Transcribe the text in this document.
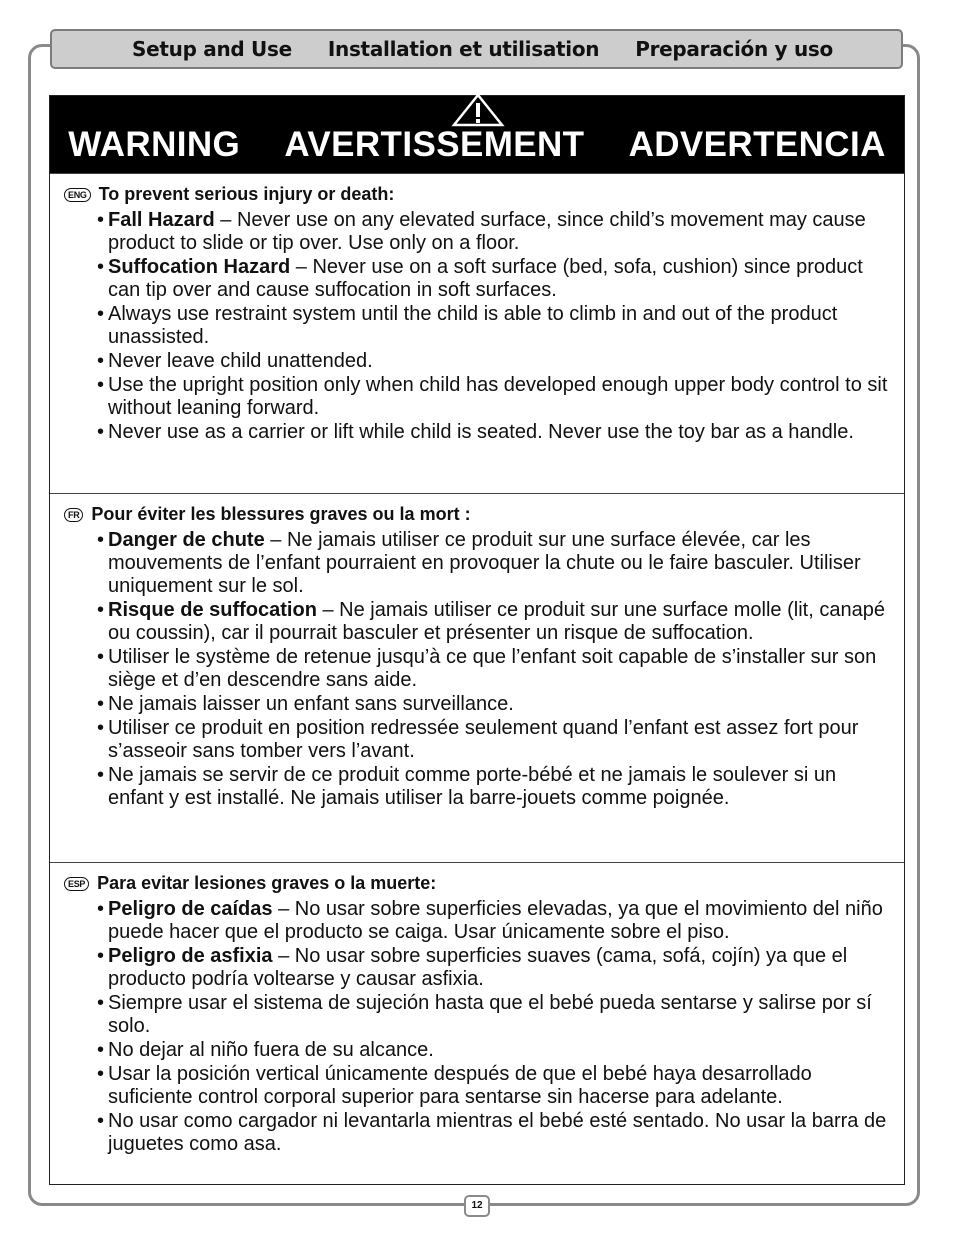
Setup and Use Installation et utilisation Preparación y uso
WARNING AVERTISSEMENT ADVERTENCIA
ENG To prevent serious injury or death:
• Fall Hazard – Never use on any elevated surface, since child’s movement may cause product to slide or tip over. Use only on a floor.
• Suffocation Hazard – Never use on a soft surface (bed, sofa, cushion) since product can tip over and cause suffocation in soft surfaces.
• Always use restraint system until the child is able to climb in and out of the product unassisted.
• Never leave child unattended.
• Use the upright position only when child has developed enough upper body control to sit without leaning forward.
• Never use as a carrier or lift while child is seated. Never use the toy bar as a handle.
FR Pour éviter les blessures graves ou la mort :
• Danger de chute – Ne jamais utiliser ce produit sur une surface élevée, car les mouvements de l’enfant pourraient en provoquer la chute ou le faire basculer. Utiliser uniquement sur le sol.
• Risque de suffocation – Ne jamais utiliser ce produit sur une surface molle (lit, canapé ou coussin), car il pourrait basculer et présenter un risque de suffocation.
• Utiliser le système de retenue jusqu’à ce que l’enfant soit capable de s’installer sur son siège et d’en descendre sans aide.
• Ne jamais laisser un enfant sans surveillance.
• Utiliser ce produit en position redressée seulement quand l’enfant est assez fort pour s’asseoir sans tomber vers l’avant.
• Ne jamais se servir de ce produit comme porte-bébé et ne jamais le soulever si un enfant y est installé. Ne jamais utiliser la barre-jouets comme poignée.
ESP Para evitar lesiones graves o la muerte:
• Peligro de caídas – No usar sobre superficies elevadas, ya que el movimiento del niño puede hacer que el producto se caiga. Usar únicamente sobre el piso.
• Peligro de asfixia – No usar sobre superficies suaves (cama, sofá, cojín) ya que el producto podría voltearse y causar asfixia.
• Siempre usar el sistema de sujeción hasta que el bebé pueda sentarse y salirse por sí solo.
• No dejar al niño fuera de su alcance.
• Usar la posición vertical únicamente después de que el bebé haya desarrollado suficiente control corporal superior para sentarse sin hacerse para adelante.
• No usar como cargador ni levantarla mientras el bebé esté sentado. No usar la barra de juguetes como asa.
12
